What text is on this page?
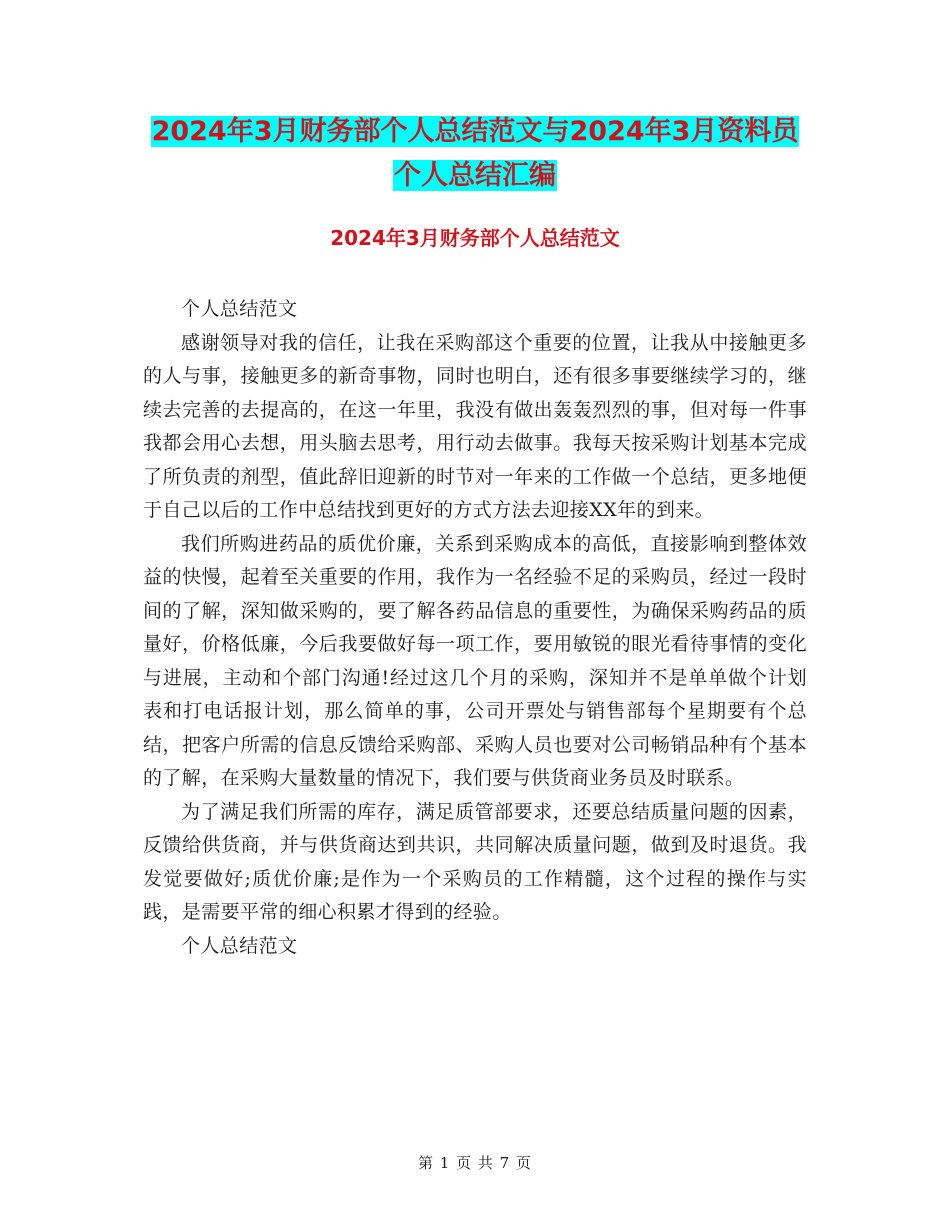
2024年3月财务部个人总结范文与2024年3月资料员
个人总结汇编
2024年3月财务部个人总结范文

个人总结范文

感谢领导对我的信任，让我在采购部这个重要的位置，让我从中接触更多的人与事，接触更多的新奇事物，同时也明白，还有很多事要继续学习的，继续去完善的去提高的，在这一年里，我没有做出轰轰烈烈的事，但对每一件事我都会用心去想，用头脑去思考，用行动去做事。我每天按采购计划基本完成了所负责的剂型，值此辞旧迎新的时节对一年来的工作做一个总结，更多地便于自己以后的工作中总结找到更好的方式方法去迎接XX年的到来。

我们所购进药品的质优价廉，关系到采购成本的高低，直接影响到整体效益的快慢，起着至关重要的作用，我作为一名经验不足的采购员，经过一段时间的了解，深知做采购的，要了解各药品信息的重要性，为确保采购药品的质量好，价格低廉，今后我要做好每一项工作，要用敏锐的眼光看待事情的变化与进展，主动和个部门沟通!经过这几个月的采购，深知并不是单单做个计划表和打电话报计划，那么简单的事，公司开票处与销售部每个星期要有个总结，把客户所需的信息反馈给采购部、采购人员也要对公司畅销品种有个基本的了解，在采购大量数量的情况下，我们要与供货商业务员及时联系。

为了满足我们所需的库存，满足质管部要求，还要总结质量问题的因素，反馈给供货商，并与供货商达到共识，共同解决质量问题，做到及时退货。我发觉要做好;质优价廉;是作为一个采购员的工作精髓，这个过程的操作与实践，是需要平常的细心积累才得到的经验。

个人总结范文

第 1 页 共 7 页
